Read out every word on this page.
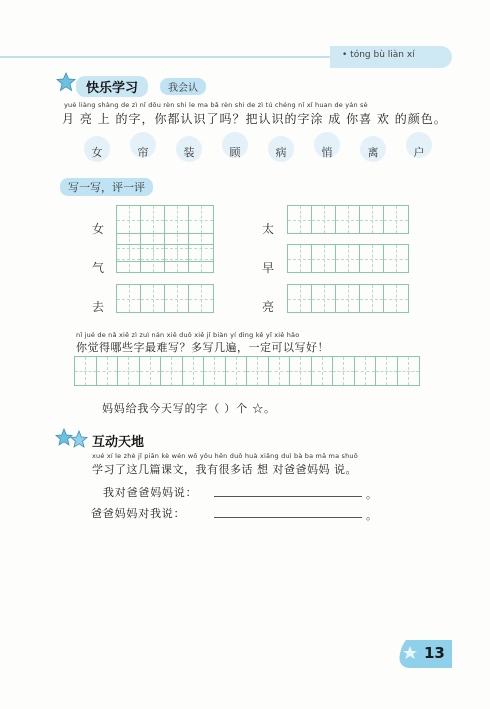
• tóng bù liàn xí
快乐学习	我会认
yuè liàng shàng de zì nǐ dōu rèn shi le ma bǎ rèn shi de zì tú chéng nǐ xǐ huan de yán sè
月 亮 上 的字，你都认识了吗？把认识的字涂 成 你喜 欢 的颜色。
女	帘	装	顾	病	悄	离	户
写一写，评一评
女
气
去
太
早
亮
nǐ jué de nǎ xiē zì zuì nán xiě duō xiě jǐ biàn yí dìng kě yǐ xiě hǎo
你觉得哪些字最难写？多写几遍，一定可以写好！
妈妈给我今天写的字（ ）个 ☆。
互动天地
xué xí le zhè jǐ piān kè wén wǒ yǒu hěn duō huà xiǎng duì bà ba mā ma shuō
学习了这几篇课文，我有很多话 想 对爸爸妈妈 说。
我对爸爸妈妈说：	。
爸爸妈妈对我说：	。
13
